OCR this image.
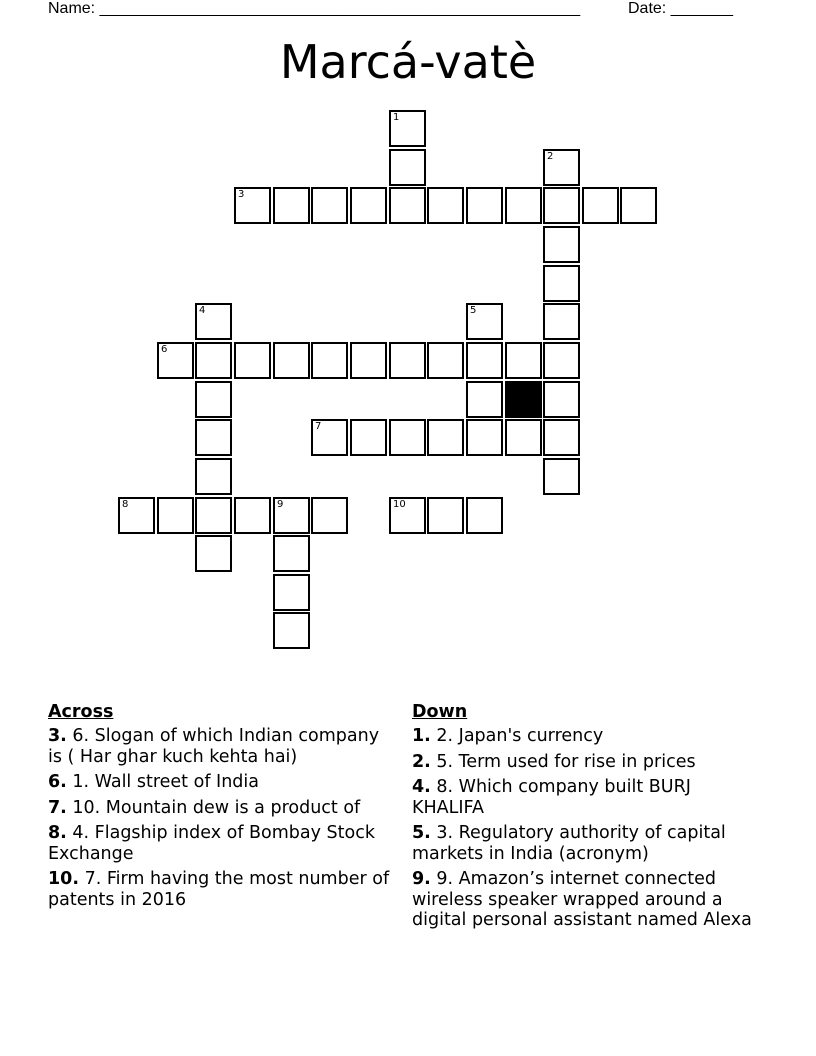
Name: ______________________________________________________	Date: _______
Marcá-vatè
1
2
3
4	5
6
7
8	9	10
Across
3. 6. Slogan of which Indian company is ( Har ghar kuch kehta hai)
6. 1. Wall street of India
7. 10. Mountain dew is a product of
8. 4. Flagship index of Bombay Stock Exchange
10. 7. Firm having the most number of patents in 2016
Down
1. 2. Japan's currency
2. 5. Term used for rise in prices
4. 8. Which company built BURJ KHALIFA
5. 3. Regulatory authority of capital markets in India (acronym)
9. 9. Amazon’s internet connected wireless speaker wrapped around a digital personal assistant named Alexa
